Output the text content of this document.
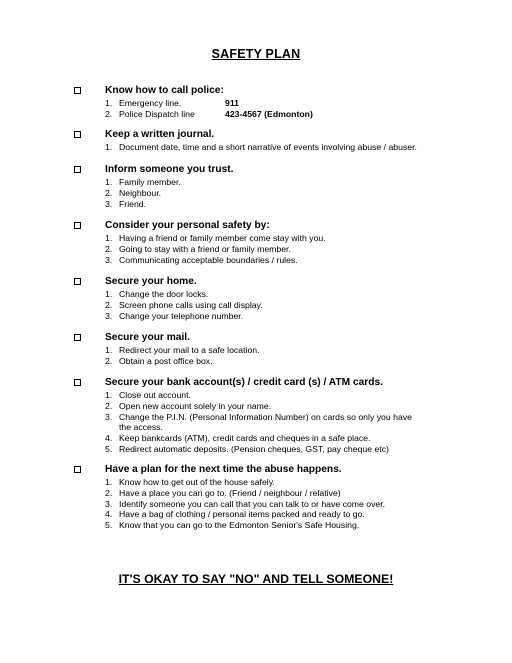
SAFETY PLAN
Know how to call police:
1. Emergency line.	911
2. Police Dispatch line	423-4567 (Edmonton)
Keep a written journal.
1. Document date, time and a short narrative of events involving abuse / abuser.
Inform someone you trust.
1. Family member.
2. Neighbour.
3. Friend.
Consider your personal safety by:
1. Having a friend or family member come stay with you.
2. Going to stay with a friend or family member.
3. Communicating acceptable boundaries / rules.
Secure your home.
1. Change the door locks.
2. Screen phone calls using call display.
3. Change your telephone number.
Secure your mail.
1. Redirect your mail to a safe location.
2. Obtain a post office box.
Secure your bank account(s) / credit card (s) / ATM cards.
1. Close out account.
2. Open new account solely in your name.
3. Change the P.I.N. (Personal Information Number) on cards so only you have the access.
4. Keep bankcards (ATM), credit cards and cheques in a safe place.
5. Redirect automatic deposits. (Pension cheques, GST, pay cheque etc)
Have a plan for the next time the abuse happens.
1. Know how to get out of the house safely.
2. Have a place you can go to. (Friend / neighbour / relative)
3. Identify someone you can call that you can talk to or have come over.
4. Have a bag of clothing / personal items packed and ready to go.
5. Know that you can go to the Edmonton Senior's Safe Housing.
IT'S OKAY TO SAY "NO" AND TELL SOMEONE!
